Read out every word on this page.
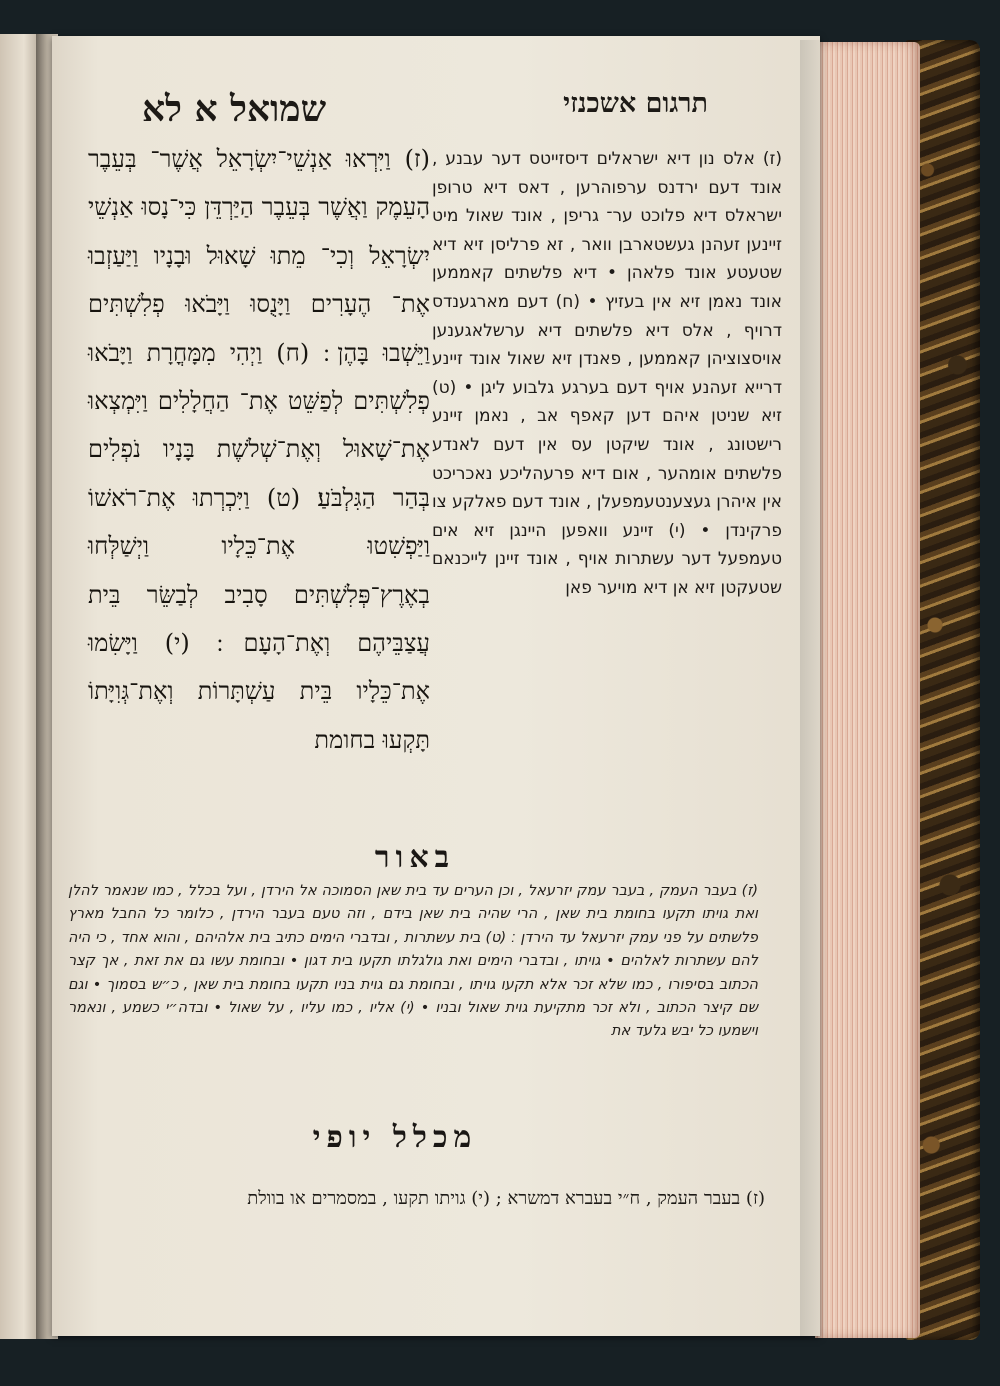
תרגום אשכנזי
שמואל א לא

(ז) אלס נון דיא ישראלים דיסזייטס דער עבנע , אונד דעם ירדנס ערפוהרען , דאס דיא טרופן ישראלס דיא פלוכט ער־ גריפן , אונד שאול מיט זיינען זעהנן געשטארבן וואר , זא פרליסן זיא דיא שטעטע אונד פלאהן • דיא פלשתים קאממען אונד נאמן זיא אין בעזיץ • (ח) דעם מארגענדס דרויף , אלס דיא פלשתים דיא ערשלאגענען אויסצוציהן קאממען , פאנדן זיא שאול אונד זיינע דרייא זעהנע אויף דעם בערגע גלבוע ליגן • (ט) זיא שניטן איהם דען קאפף אב , נאמן זיינע רישטונג , אונד שיקטן עס אין דעם לאנדע פלשתים אומהער , אום דיא פרעהליכע נאכריכט אין איהרן געצענטעמפעלן , אונד דעם פאלקע צו פרקינדן • (י) זיינע וואפען היינגן זיא אים טעמפעל דער עשתרות אויף , אונד זיינן לייכנאם שטעקטן זיא אן דיא מויער פאן

(ז) וַיִּרְאוּ אַנְשֵׁי־יִשְׂרָאֵל אֲשֶׁר־ בְּעֵבֶר הָעֵמֶק וַאֲשֶׁר בְּעֵבֶר הַיַּרְדֵּן כִּי־נָסוּ אַנְשֵׁי יִשְׂרָאֵל וְכִי־ מֵתוּ שָׁאוּל וּבָנָיו וַיַּעַזְבוּ אֶת־ הֶעָרִים וַיָּנֻסוּ וַיָּבֹאוּ פְלִשְׁתִּים וַיֵּשְׁבוּ בָּהֶן ׃ (ח) וַיְהִי מִמָּחֳרָת וַיָּבֹאוּ פְלִשְׁתִּים לְפַשֵּׁט אֶת־ הַחֲלָלִים וַיִּמְצְאוּ אֶת־שָׁאוּל וְאֶת־שְׁלֹשֶׁת בָּנָיו נֹפְלִים בְּהַר הַגִּלְבֹּעַ׃ (ט) וַיִּכְרְתוּ אֶת־רֹאשׁוֹ וַיַּפְשִׁטוּ אֶת־כֵּלָיו וַיְשַׁלְּחוּ בְאֶרֶץ־פְּלִשְׁתִּים סָבִיב לְבַשֵּׂר בֵּית עֲצַבֵּיהֶם וְאֶת־הָעָם ׃ (י) וַיָּשִׂמוּ אֶת־כֵּלָיו בֵּית עַשְׁתָּרוֹת וְאֶת־גְּוִיָּתוֹ תָּקְעוּ בחומת

באור

(ז) בעבר העמק , בעבר עמק יזרעאל , וכן הערים עד בית שאן הסמוכה אל הירדן , ועל בכלל , כמו שנאמר להלן ואת גויתו תקעו בחומת בית שאן , הרי שהיה בית שאן בידם , וזה טעם בעבר הירדן , כלומר כל החבל מארץ פלשתים על פני עמק יזרעאל עד הירדן ׃ (ט) בית עשתרות , ובדברי הימים כתיב בית אלהיהם , והוא אחד , כי היה להם עשתרות לאלהים • גויתו , ובדברי הימים ואת גולגלתו תקעו בית דגון • ובחומת עשו גם את זאת , אך קצר הכתוב בסיפורו , כמו שלא זכר אלא תקעו גויתו , ובחומת גם גוית בניו תקעו בחומת בית שאן , כ״ש בסמוך • וגם שם קיצר הכתוב , ולא זכר מתקיעת גוית שאול ובניו • (י) אליו , כמו עליו , על שאול • ובדה״י כשמע , ונאמר וישמעו כל יבש גלעד את

מכלל יופי

(ז) בעבר העמק , ח״י בעברא דמשרא ; (י) גויתו תקעו , במסמרים או בוולת
